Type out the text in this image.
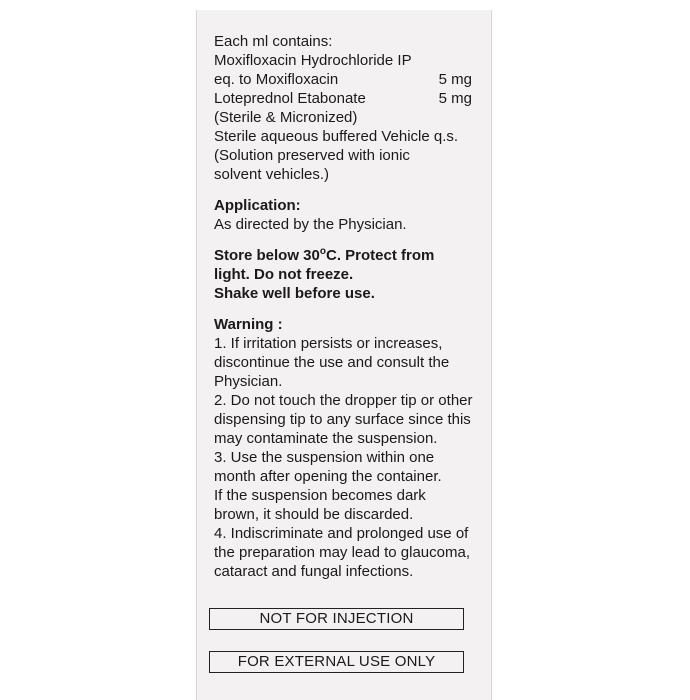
Each ml contains:
Moxifloxacin Hydrochloride IP
eq. to Moxifloxacin	5 mg
Loteprednol Etabonate	5 mg
(Sterile & Micronized)
Sterile aqueous buffered Vehicle q.s.
(Solution preserved with ionic
solvent vehicles.)
Application:
As directed by the Physician.
Store below 30$^o$C. Protect from
light. Do not freeze.
Shake well before use.
Warning :
1. If irritation persists or increases,
discontinue the use and consult the
Physician.
2. Do not touch the dropper tip or other
dispensing tip to any surface since this
may contaminate the suspension.
3. Use the suspension within one
month after opening the container.
If the suspension becomes dark
brown, it should be discarded.
4. Indiscriminate and prolonged use of
the preparation may lead to glaucoma,
cataract and fungal infections.
NOT FOR INJECTION
FOR EXTERNAL USE ONLY
